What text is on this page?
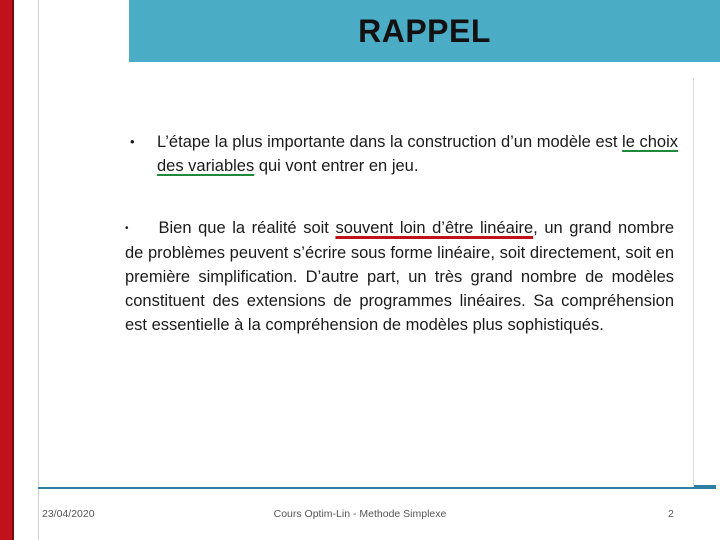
RAPPEL
• L’étape la plus importante dans la construction d’un modèle est le choix des variables qui vont entrer en jeu.
• Bien que la réalité soit souvent loin d’être linéaire, un grand nombre de problèmes peuvent s’écrire sous forme linéaire, soit directement, soit en première simplification. D’autre part, un très grand nombre de modèles constituent des extensions de programmes linéaires. Sa compréhension est essentielle à la compréhension de modèles plus sophistiqués.
23/04/2020	Cours Optim-Lin - Methode Simplexe	2
